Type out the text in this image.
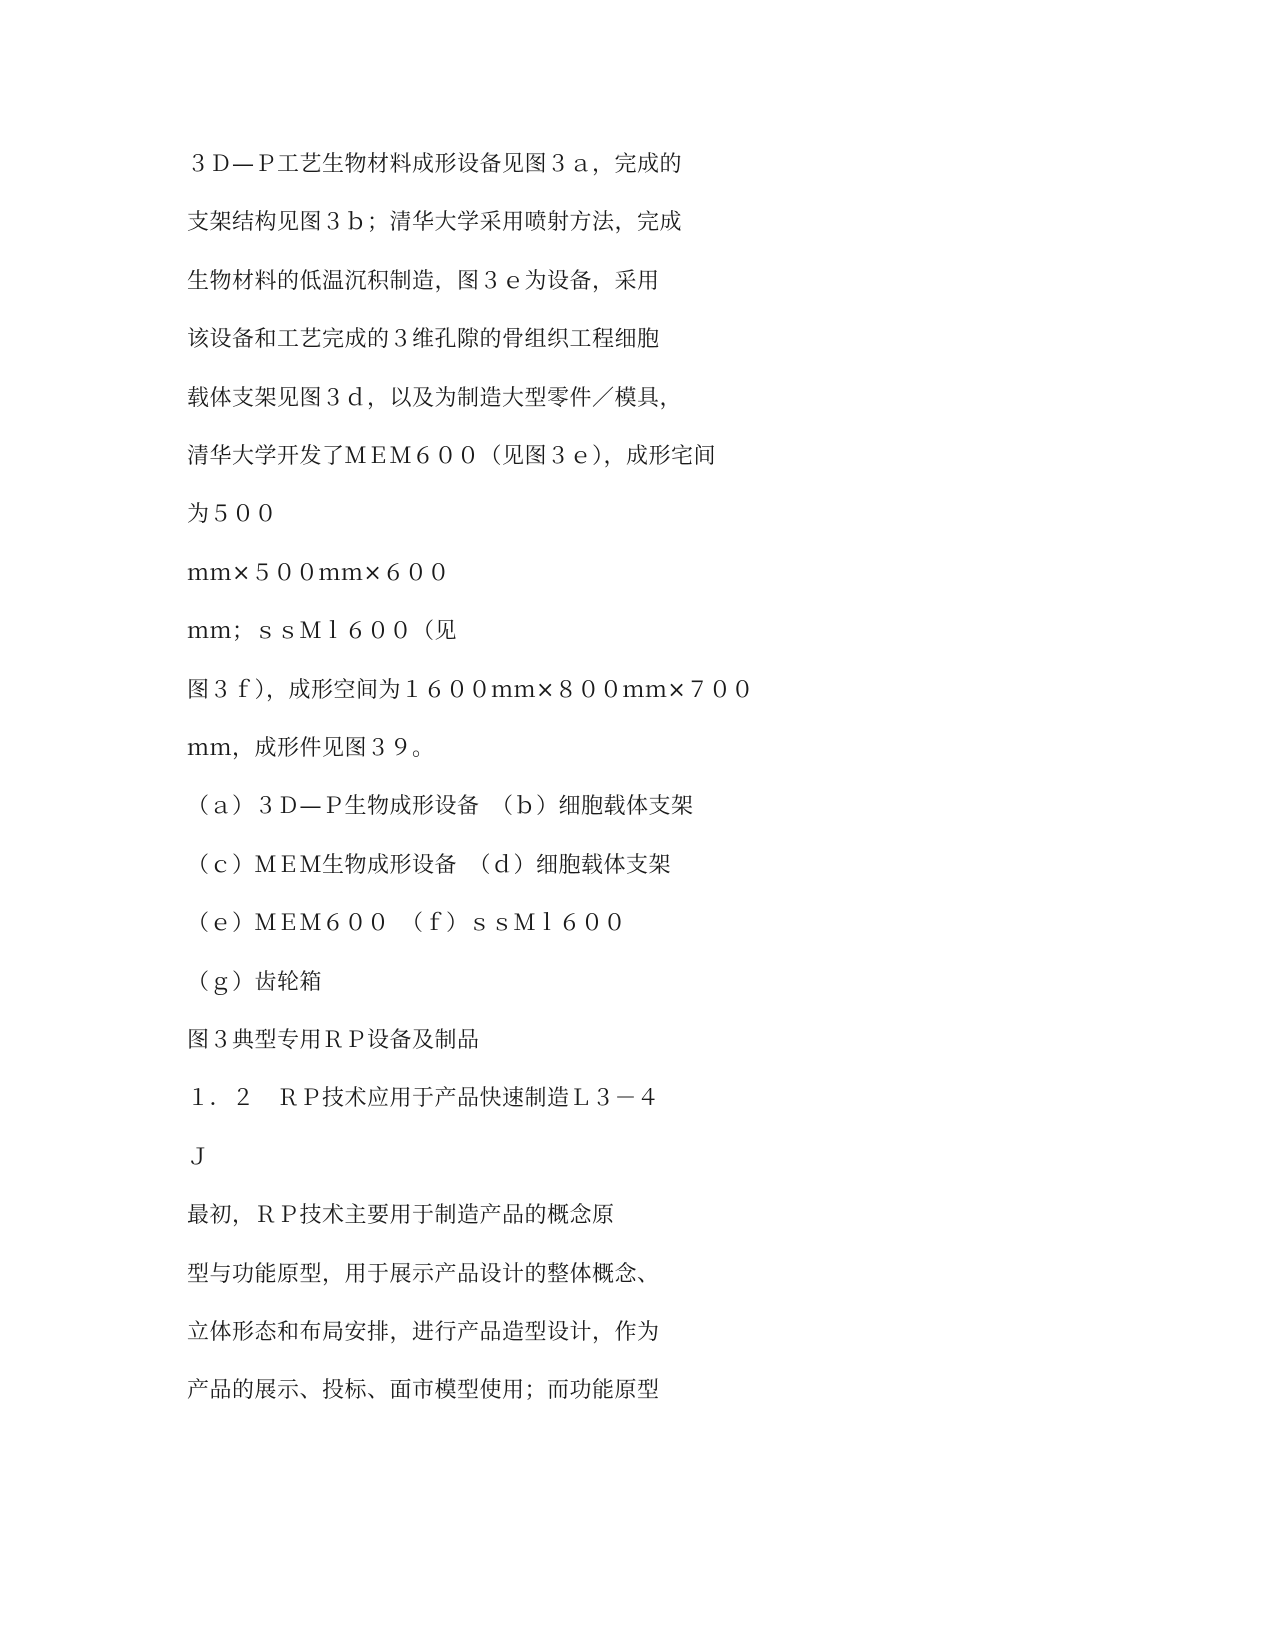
３Ｄ—Ｐ工艺生物材料成形设备见图３ａ，完成的
支架结构见图３ｂ；清华大学采用喷射方法，完成
生物材料的低温沉积制造，图３ｅ为设备，采用
该设备和工艺完成的３维孔隙的骨组织工程细胞
载体支架见图３ｄ，以及为制造大型零件／模具，
清华大学开发了ＭＥＭ６００（见图３ｅ），成形宅间
为５００
ｍｍ×５００ｍｍ×６００
ｍｍ；ｓｓＭｌ６００（见
图３ｆ），成形空间为１６００ｍｍ×８００ｍｍ×７００
ｍｍ，成形件见图３９。
（ａ）３Ｄ—Ｐ生物成形设备　（ｂ）细胞载体支架
（ｃ）ＭＥＭ生物成形设备　（ｄ）细胞载体支架
（ｅ）ＭＥＭ６００　（ｆ）ｓｓＭｌ６００
（ｇ）齿轮箱
图３典型专用ＲＰ设备及制品
１．２　ＲＰ技术应用于产品快速制造Ｌ３－４
Ｊ
最初，ＲＰ技术主要用于制造产品的概念原
型与功能原型，用于展示产品设计的整体概念、
立体形态和布局安排，进行产品造型设计，作为
产品的展示、投标、面市模型使用；而功能原型
